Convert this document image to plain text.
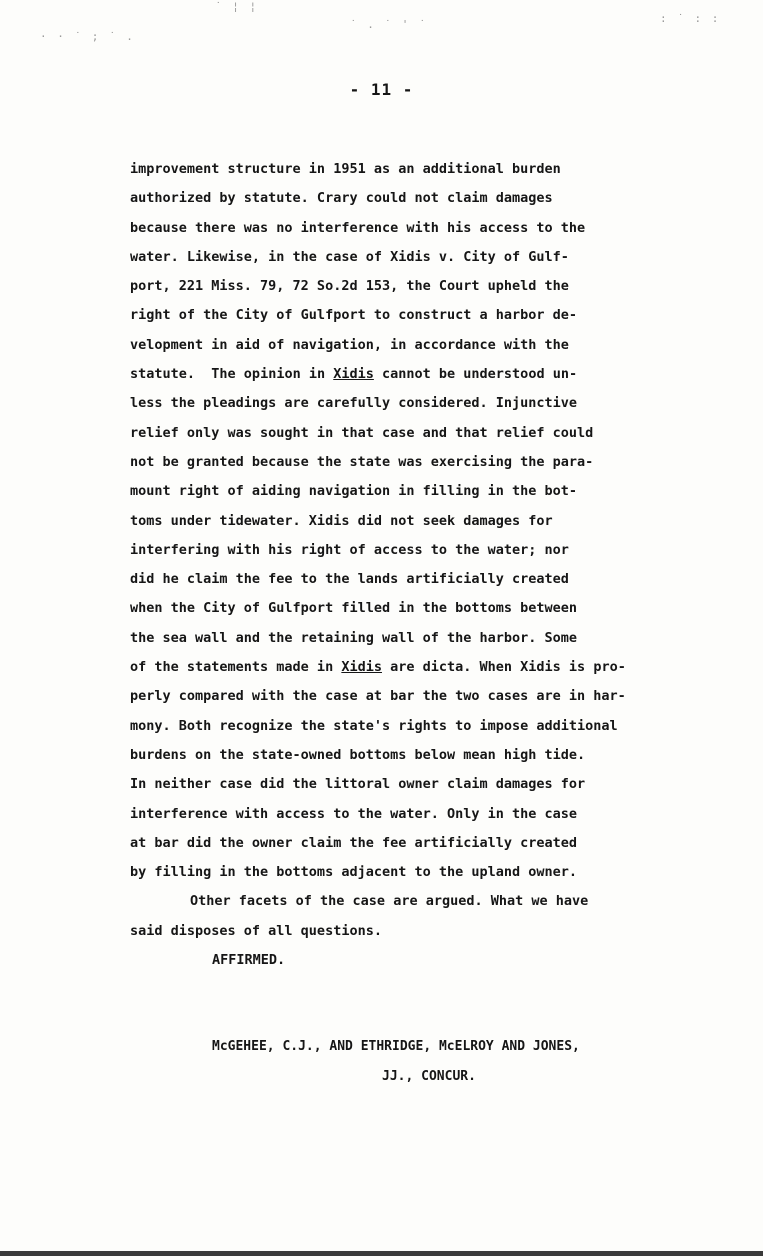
· · ˙ ; ˙ .
˙ ¦ ¦
˙ . ˙ ' ˙	: ˙ : :
- 11 -
improvement structure in 1951 as an additional burden
authorized by statute. Crary could not claim damages
because there was no interference with his access to the
water. Likewise, in the case of Xidis v. City of Gulf-
port, 221 Miss. 79, 72 So.2d 153, the Court upheld the
right of the City of Gulfport to construct a harbor de-
velopment in aid of navigation, in accordance with the
statute. The opinion in Xidis cannot be understood un-
less the pleadings are carefully considered. Injunctive
relief only was sought in that case and that relief could
not be granted because the state was exercising the para-
mount right of aiding navigation in filling in the bot-
toms under tidewater. Xidis did not seek damages for
interfering with his right of access to the water; nor
did he claim the fee to the lands artificially created
when the City of Gulfport filled in the bottoms between
the sea wall and the retaining wall of the harbor. Some
of the statements made in Xidis are dicta. When Xidis is pro-
perly compared with the case at bar the two cases are in har-
mony. Both recognize the state's rights to impose additional
burdens on the state-owned bottoms below mean high tide.
In neither case did the littoral owner claim damages for
interference with access to the water. Only in the case
at bar did the owner claim the fee artificially created
by filling in the bottoms adjacent to the upland owner.
Other facets of the case are argued. What we have
said disposes of all questions.
AFFIRMED.
McGEHEE, C.J., AND ETHRIDGE, McELROY AND JONES,
JJ., CONCUR.
